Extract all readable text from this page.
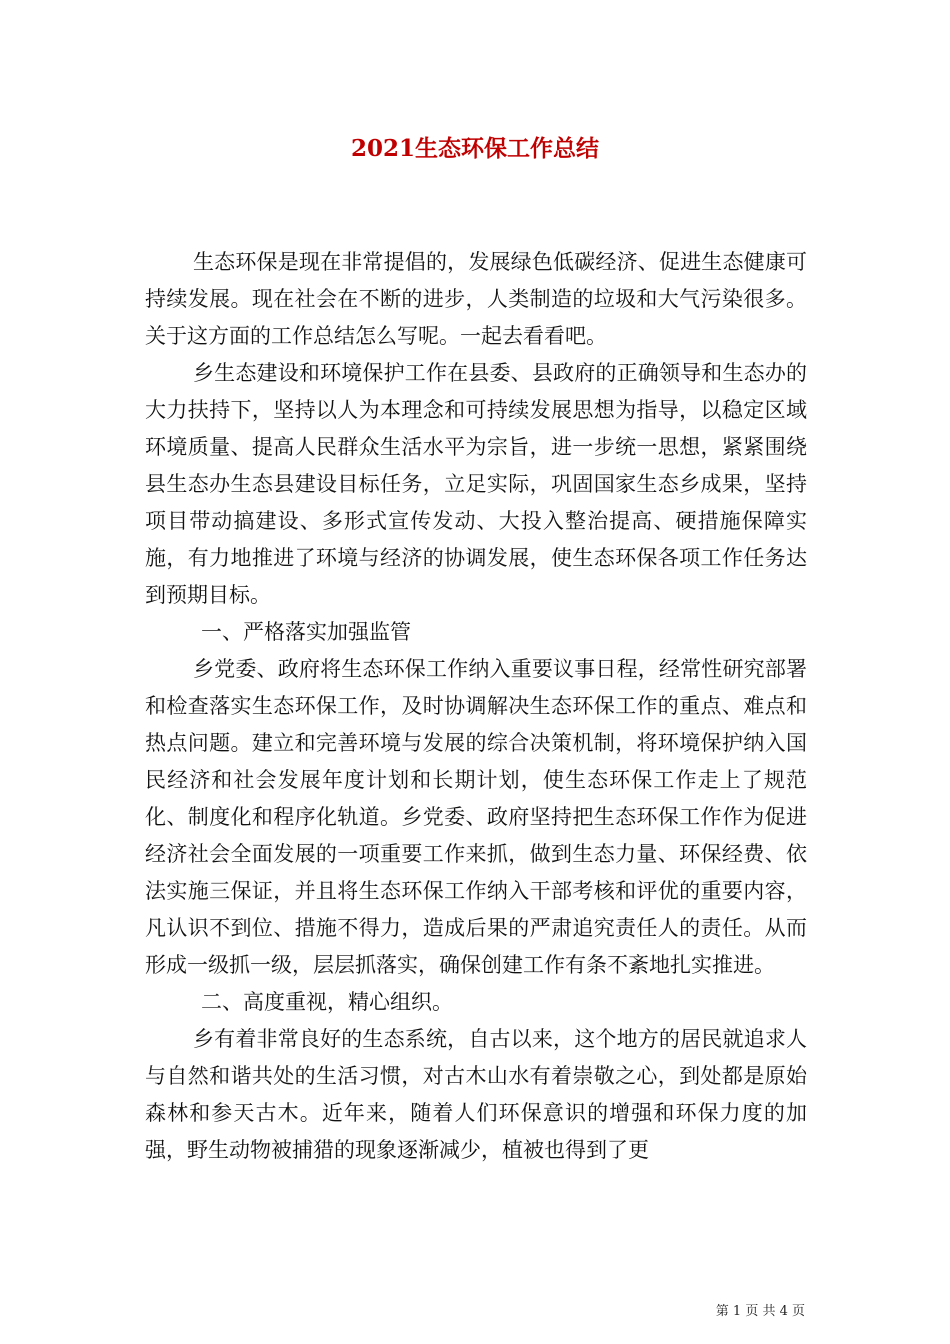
2021生态环保工作总结

生态环保是现在非常提倡的，发展绿色低碳经济、促进生态健康可持续发展。现在社会在不断的进步，人类制造的垃圾和大气污染很多。关于这方面的工作总结怎么写呢。一起去看看吧。

乡生态建设和环境保护工作在县委、县政府的正确领导和生态办的大力扶持下，坚持以人为本理念和可持续发展思想为指导，以稳定区域环境质量、提高人民群众生活水平为宗旨，进一步统一思想，紧紧围绕县生态办生态县建设目标任务，立足实际，巩固国家生态乡成果，坚持项目带动搞建设、多形式宣传发动、大投入整治提高、硬措施保障实施，有力地推进了环境与经济的协调发展，使生态环保各项工作任务达到预期目标。

一、严格落实加强监管

乡党委、政府将生态环保工作纳入重要议事日程，经常性研究部署和检查落实生态环保工作，及时协调解决生态环保工作的重点、难点和热点问题。建立和完善环境与发展的综合决策机制，将环境保护纳入国民经济和社会发展年度计划和长期计划，使生态环保工作走上了规范化、制度化和程序化轨道。乡党委、政府坚持把生态环保工作作为促进经济社会全面发展的一项重要工作来抓，做到生态力量、环保经费、依法实施三保证，并且将生态环保工作纳入干部考核和评优的重要内容，凡认识不到位、措施不得力，造成后果的严肃追究责任人的责任。从而形成一级抓一级，层层抓落实，确保创建工作有条不紊地扎实推进。

二、高度重视，精心组织。

乡有着非常良好的生态系统，自古以来，这个地方的居民就追求人与自然和谐共处的生活习惯，对古木山水有着崇敬之心，到处都是原始森林和参天古木。近年来，随着人们环保意识的增强和环保力度的加强，野生动物被捕猎的现象逐渐减少，植被也得到了更

第 1 页 共 4 页
